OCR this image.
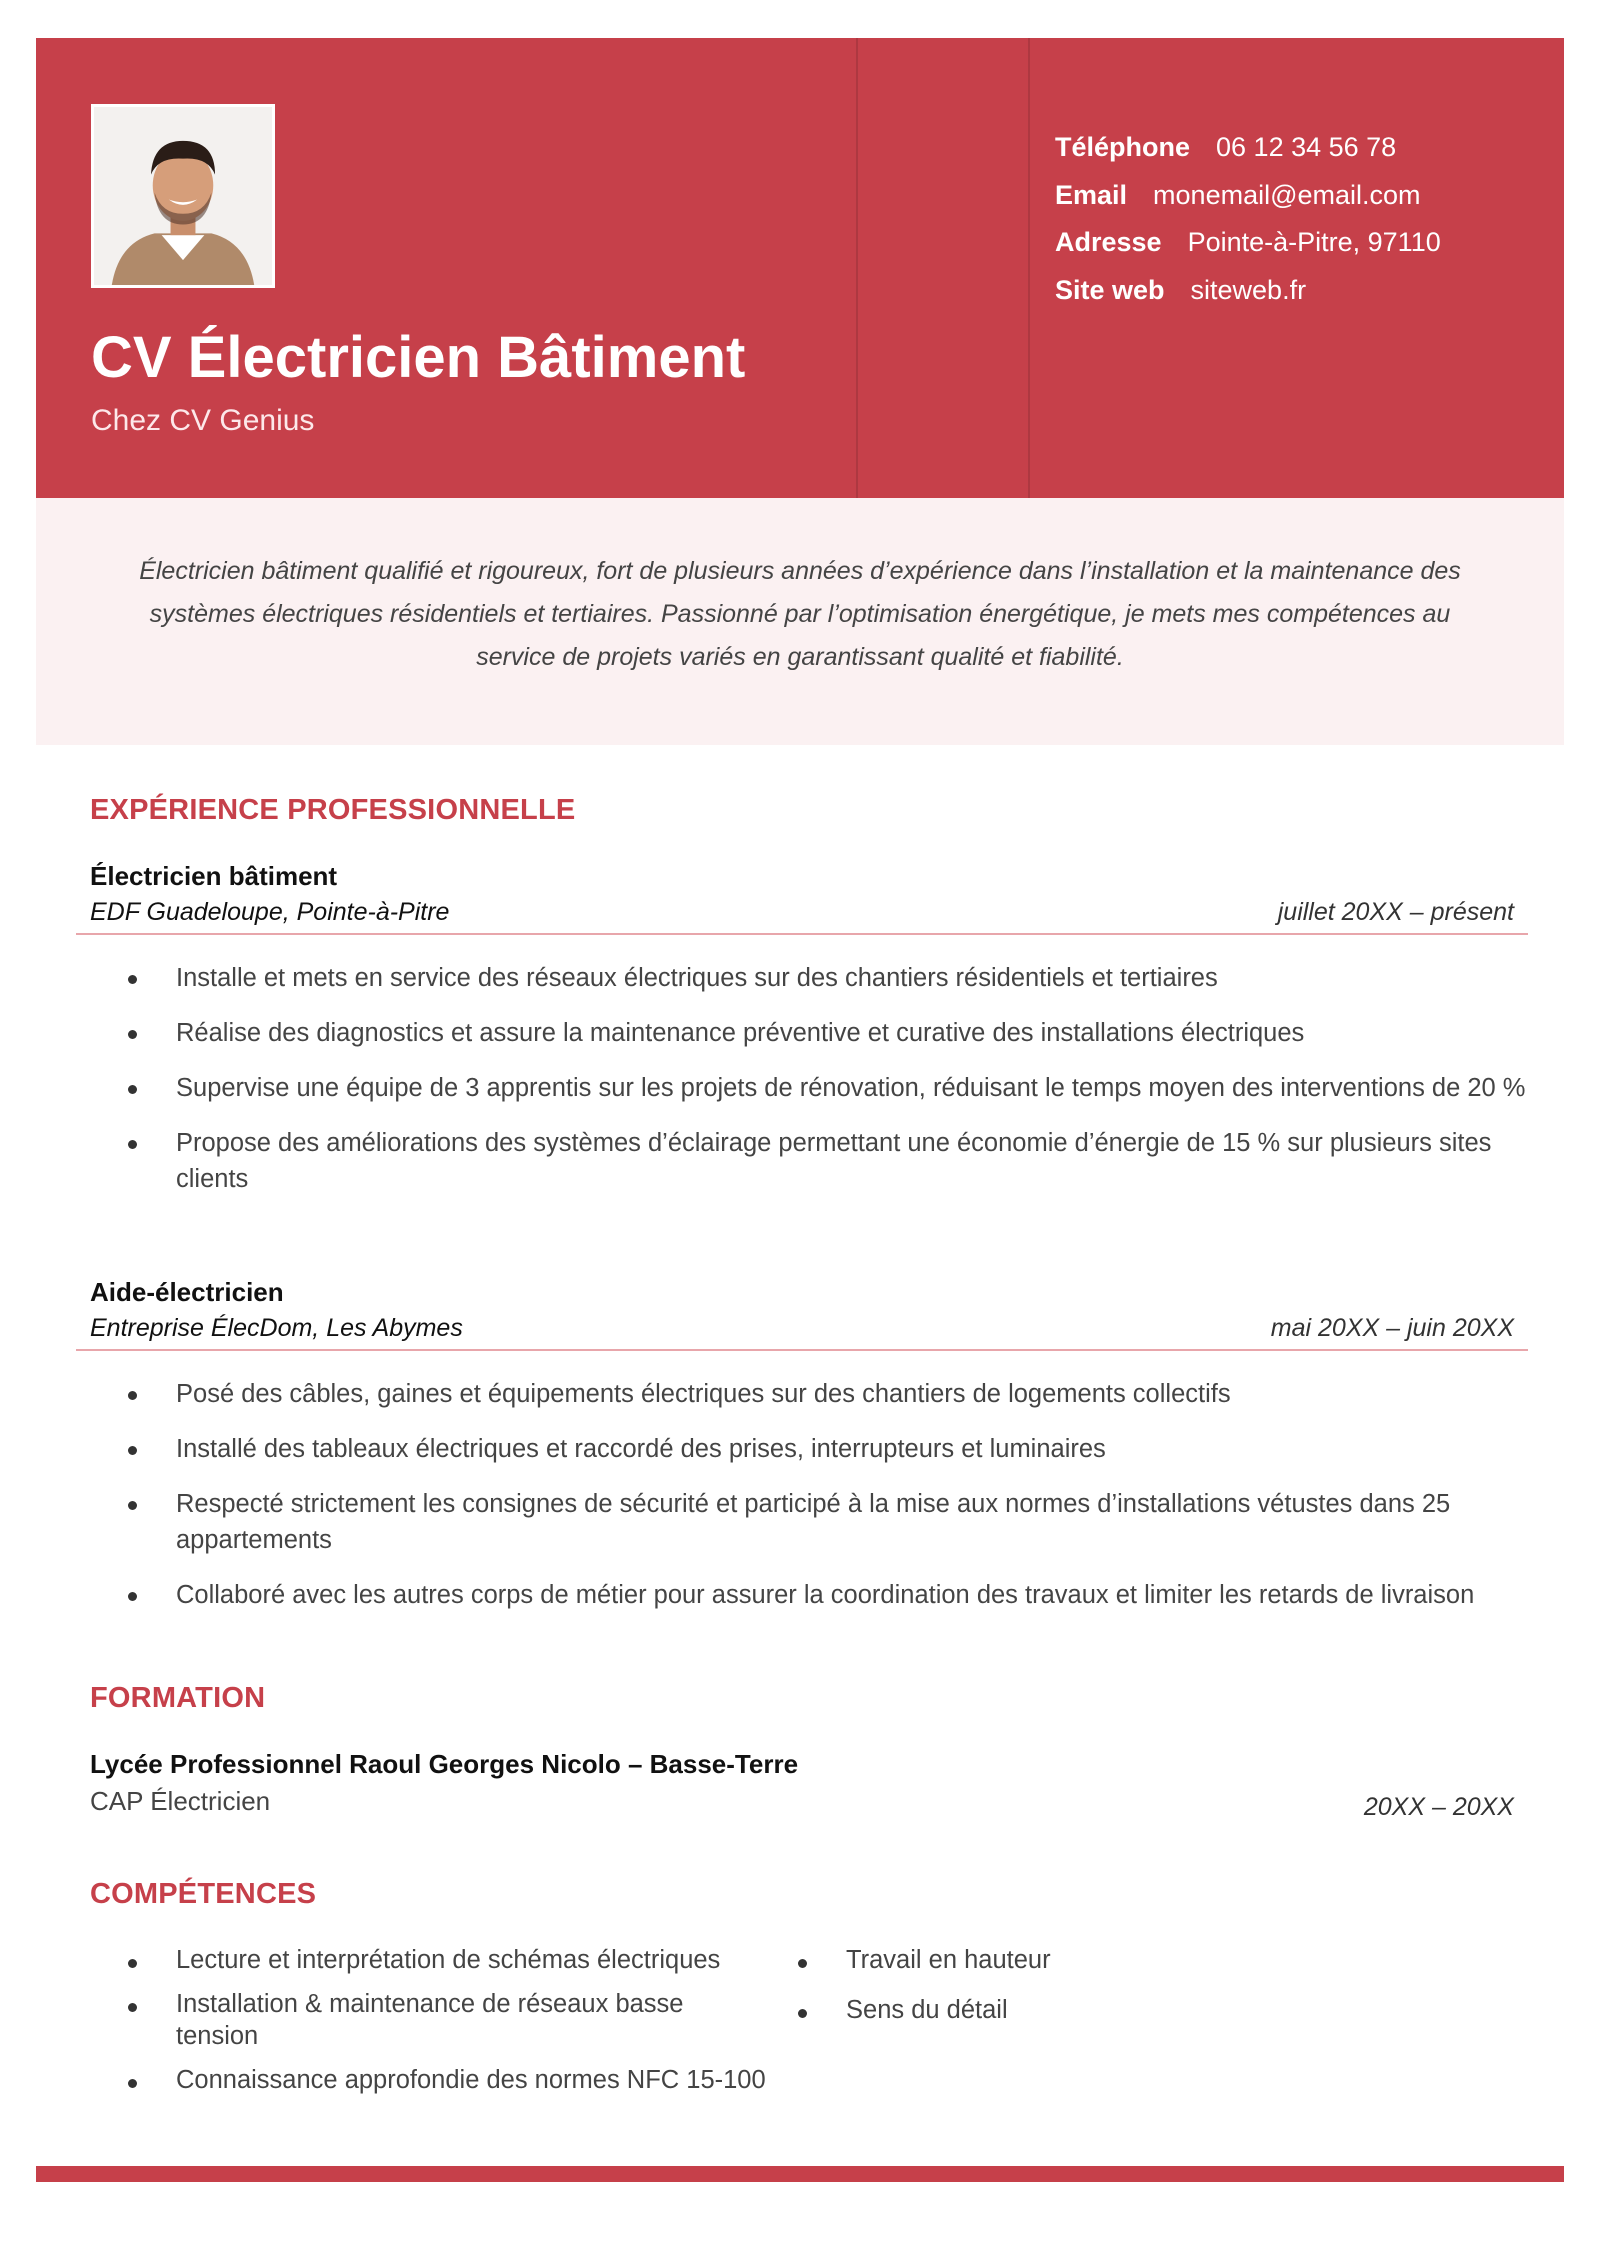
CV Électricien Bâtiment
Chez CV Genius
Téléphone 06 12 34 56 78
Email monemail@email.com
Adresse Pointe-à-Pitre, 97110
Site web siteweb.fr

Électricien bâtiment qualifié et rigoureux, fort de plusieurs années d’expérience dans l’installation et la maintenance des systèmes électriques résidentiels et tertiaires. Passionné par l’optimisation énergétique, je mets mes compétences au service de projets variés en garantissant qualité et fiabilité.

EXPÉRIENCE PROFESSIONNELLE
Électricien bâtiment
EDF Guadeloupe, Pointe-à-Pitre	juillet 20XX – présent
Installe et mets en service des réseaux électriques sur des chantiers résidentiels et tertiaires
Réalise des diagnostics et assure la maintenance préventive et curative des installations électriques
Supervise une équipe de 3 apprentis sur les projets de rénovation, réduisant le temps moyen des interventions de 20 %
Propose des améliorations des systèmes d’éclairage permettant une économie d’énergie de 15 % sur plusieurs sites clients
Aide-électricien
Entreprise ÉlecDom, Les Abymes	mai 20XX – juin 20XX
Posé des câbles, gaines et équipements électriques sur des chantiers de logements collectifs
Installé des tableaux électriques et raccordé des prises, interrupteurs et luminaires
Respecté strictement les consignes de sécurité et participé à la mise aux normes d’installations vétustes dans 25 appartements
Collaboré avec les autres corps de métier pour assurer la coordination des travaux et limiter les retards de livraison
FORMATION
Lycée Professionnel Raoul Georges Nicolo – Basse-Terre
CAP Électricien	20XX – 20XX
COMPÉTENCES
Lecture et interprétation de schémas électriques
Installation & maintenance de réseaux basse tension
Connaissance approfondie des normes NFC 15-100
Travail en hauteur
Sens du détail
